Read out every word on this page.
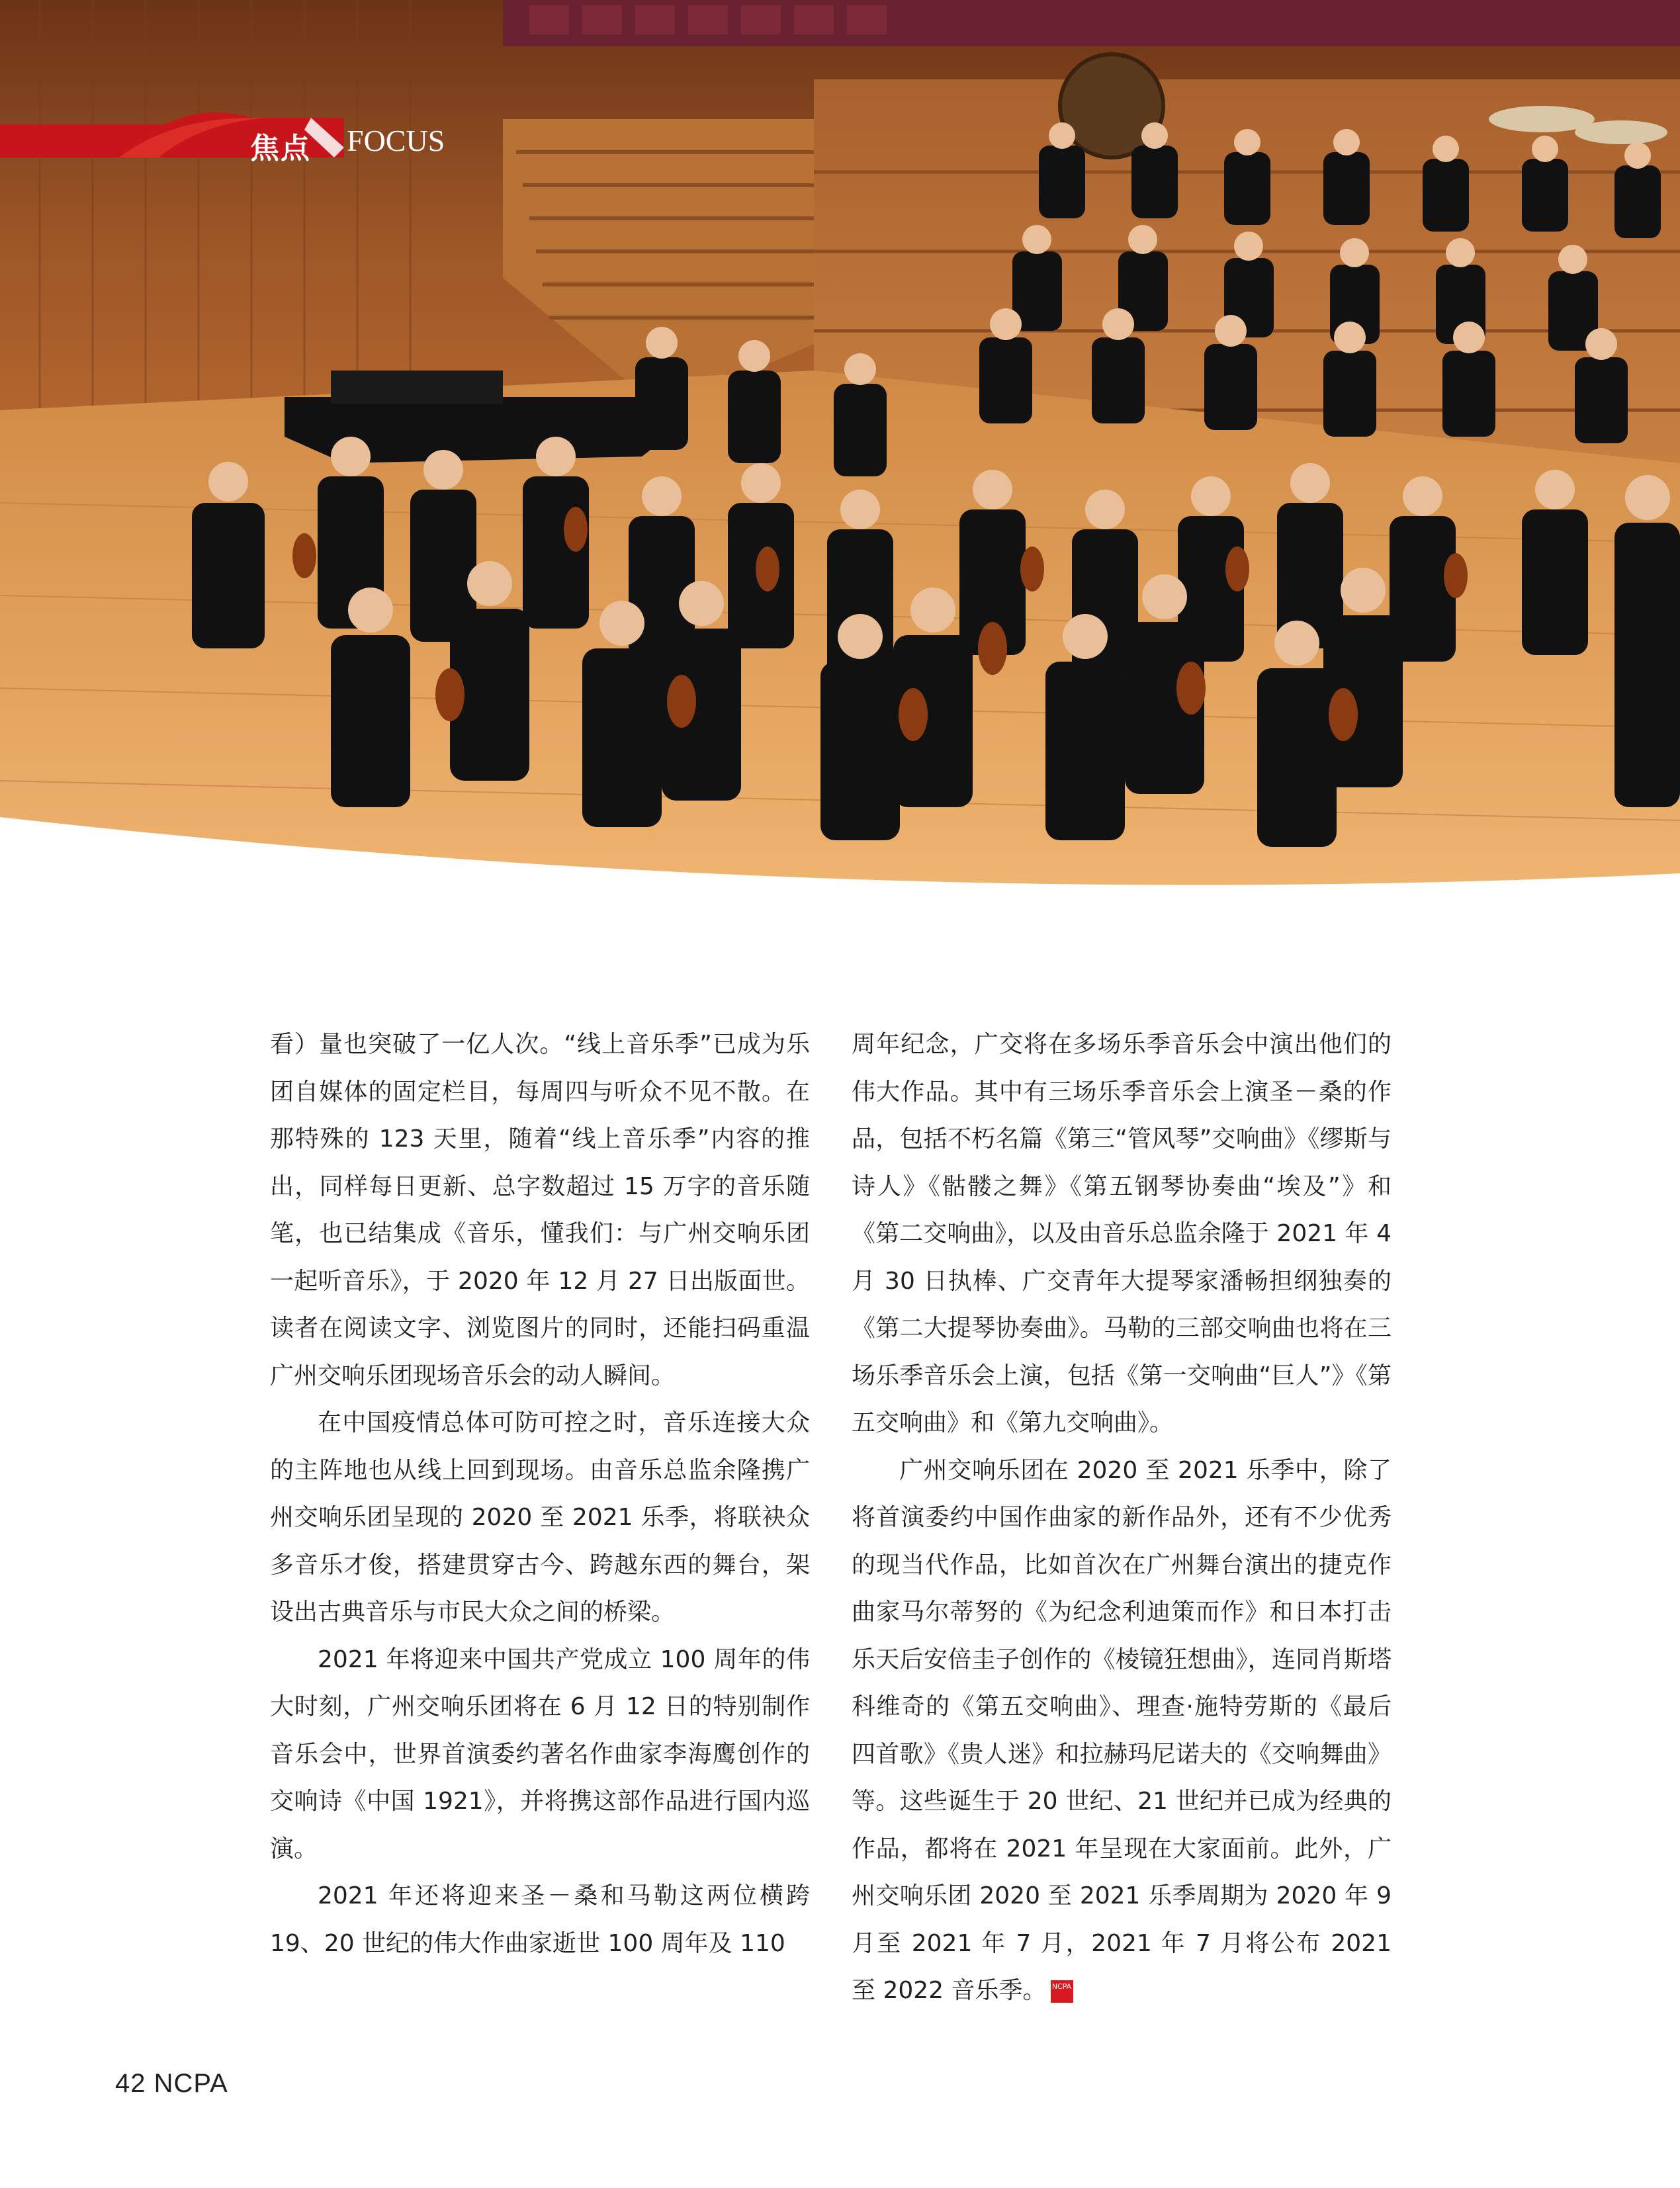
焦点 FOCUS

看）量也突破了一亿人次。“线上音乐季”已成为乐团自媒体的固定栏目，每周四与听众不见不散。在那特殊的 123 天里，随着“线上音乐季”内容的推出，同样每日更新、总字数超过 15 万字的音乐随笔，也已结集成《音乐，懂我们：与广州交响乐团一起听音乐》，于 2020 年 12 月 27 日出版面世。读者在阅读文字、浏览图片的同时，还能扫码重温广州交响乐团现场音乐会的动人瞬间。

在中国疫情总体可防可控之时，音乐连接大众的主阵地也从线上回到现场。由音乐总监余隆携广州交响乐团呈现的 2020 至 2021 乐季，将联袂众多音乐才俊，搭建贯穿古今、跨越东西的舞台，架设出古典音乐与市民大众之间的桥梁。

2021 年将迎来中国共产党成立 100 周年的伟大时刻，广州交响乐团将在 6 月 12 日的特别制作音乐会中，世界首演委约著名作曲家李海鹰创作的交响诗《中国 1921》，并将携这部作品进行国内巡演。

2021 年还将迎来圣－桑和马勒这两位横跨 19、20 世纪的伟大作曲家逝世 100 周年及 110

周年纪念，广交将在多场乐季音乐会中演出他们的伟大作品。其中有三场乐季音乐会上演圣－桑的作品，包括不朽名篇《第三“管风琴”交响曲》《缪斯与诗人》《骷髅之舞》《第五钢琴协奏曲“埃及”》和《第二交响曲》，以及由音乐总监余隆于 2021 年 4 月 30 日执棒、广交青年大提琴家潘畅担纲独奏的《第二大提琴协奏曲》。马勒的三部交响曲也将在三场乐季音乐会上演，包括《第一交响曲“巨人”》《第五交响曲》和《第九交响曲》。

广州交响乐团在 2020 至 2021 乐季中，除了将首演委约中国作曲家的新作品外，还有不少优秀的现当代作品，比如首次在广州舞台演出的捷克作曲家马尔蒂努的《为纪念利迪策而作》和日本打击乐天后安倍圭子创作的《棱镜狂想曲》，连同肖斯塔科维奇的《第五交响曲》、理查·施特劳斯的《最后四首歌》《贵人迷》和拉赫玛尼诺夫的《交响舞曲》等。这些诞生于 20 世纪、21 世纪并已成为经典的作品，都将在 2021 年呈现在大家面前。此外，广州交响乐团 2020 至 2021 乐季周期为 2020 年 9 月至 2021 年 7 月，2021 年 7 月将公布 2021 至 2022 音乐季。 NCPA

42 NCPA
